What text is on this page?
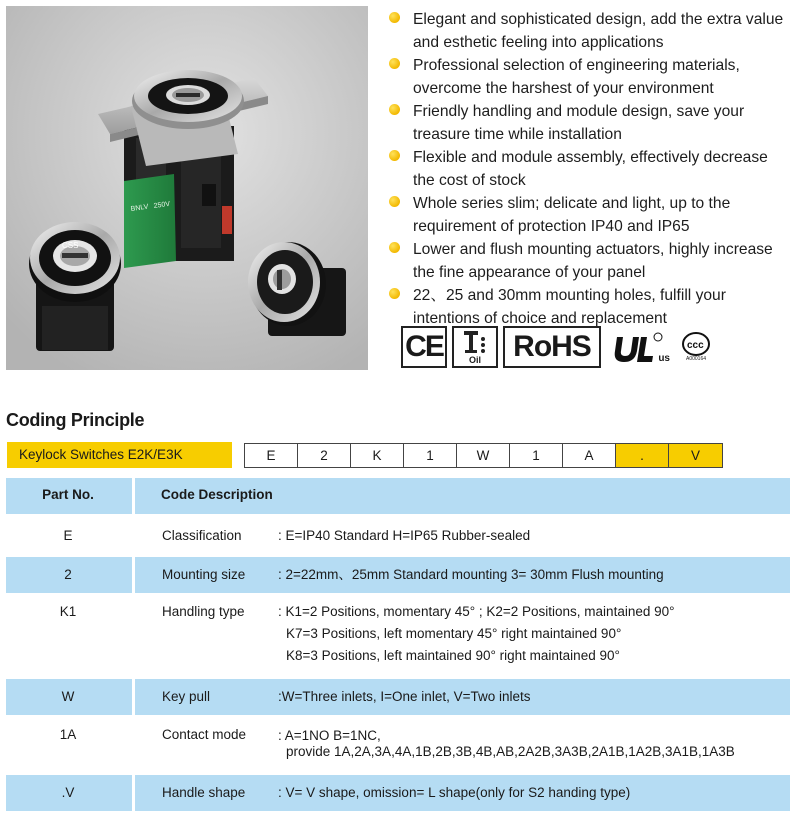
BNLV 250V
CSS
Elegant and sophisticated design, add the extra value and esthetic feeling into applications
Professional selection of engineering materials, overcome the harshest of your environment
Friendly handling and module design, save your treasure time while installation
Flexible and module assembly, effectively decrease the cost of stock
Whole series slim; delicate and light, up to the requirement of protection IP40 and IP65
Lower and flush mounting actuators, highly increase the fine appearance of your panel
22、25 and 30mm mounting holes, fulfill your intentions of choice and replacement
CE	Oil RoHS	us
ccc
A000164
Coding Principle
Keylock Switches E2K/E3K	E	2	K	1	W	1	A	.	V
Part No.	Code Description
E	Classification	: E=IP40 Standard H=IP65 Rubber-sealed
2	Mounting size	: 2=22mm、25mm Standard mounting 3= 30mm Flush mounting
K1	Handling type	: K1=2 Positions, momentary 45° ; K2=2 Positions, maintained 90°
K7=3 Positions, left momentary 45° right maintained 90°
K8=3 Positions, left maintained 90° right maintained 90°
W	Key pull	:W=Three inlets, I=One inlet, V=Two inlets
1A	Contact mode	: A=1NO B=1NC,
provide 1A,2A,3A,4A,1B,2B,3B,4B,AB,2A2B,3A3B,2A1B,1A2B,3A1B,1A3B
.V	Handle shape	: V= V shape, omission= L shape(only for S2 handing type)
